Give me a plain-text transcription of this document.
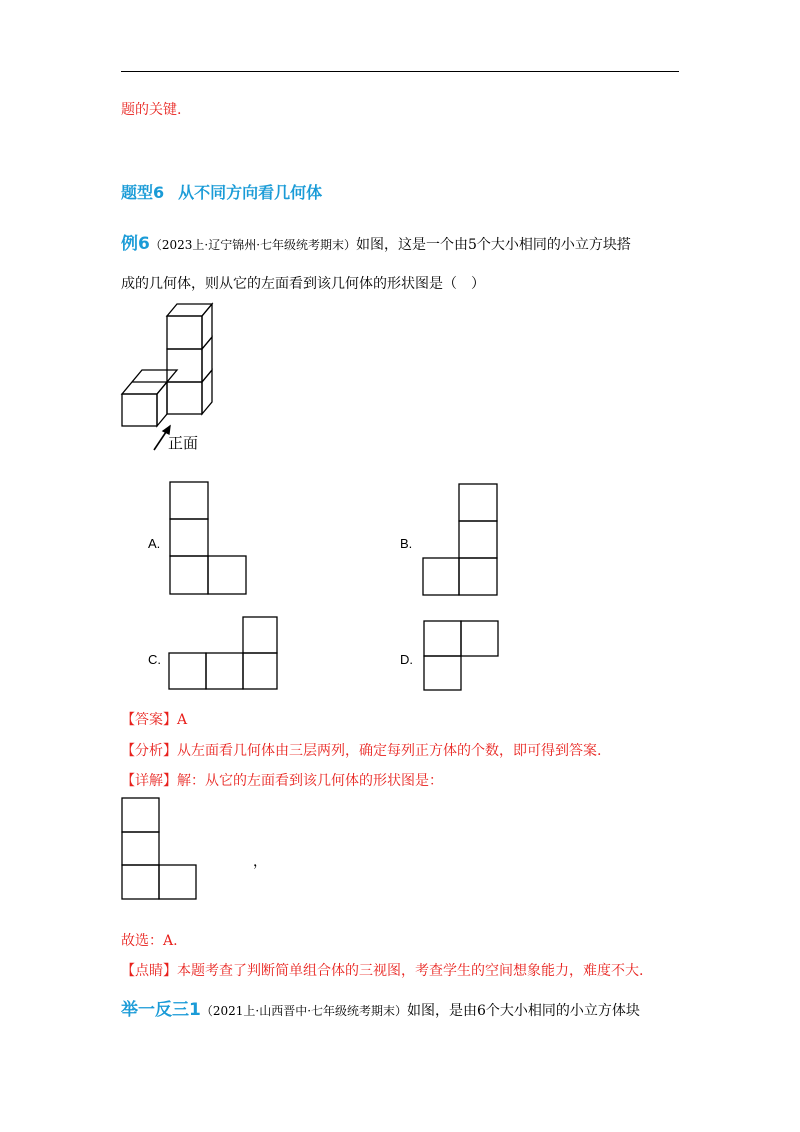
题的关键.
题型6 从不同方向看几何体
例6（2023上·辽宁锦州·七年级统考期末）如图，这是一个由5个大小相同的小立方块搭
成的几何体，则从它的左面看到该几何体的形状图是（　）
正面
A.	B.
C.	D.
【答案】A
【分析】从左面看几何体由三层两列，确定每列正方体的个数，即可得到答案.
【详解】解：从它的左面看到该几何体的形状图是：
，
故选：A.
【点睛】本题考查了判断简单组合体的三视图，考查学生的空间想象能力，难度不大.
举一反三1（2021上·山西晋中·七年级统考期末）如图，是由6个大小相同的小立方体块
